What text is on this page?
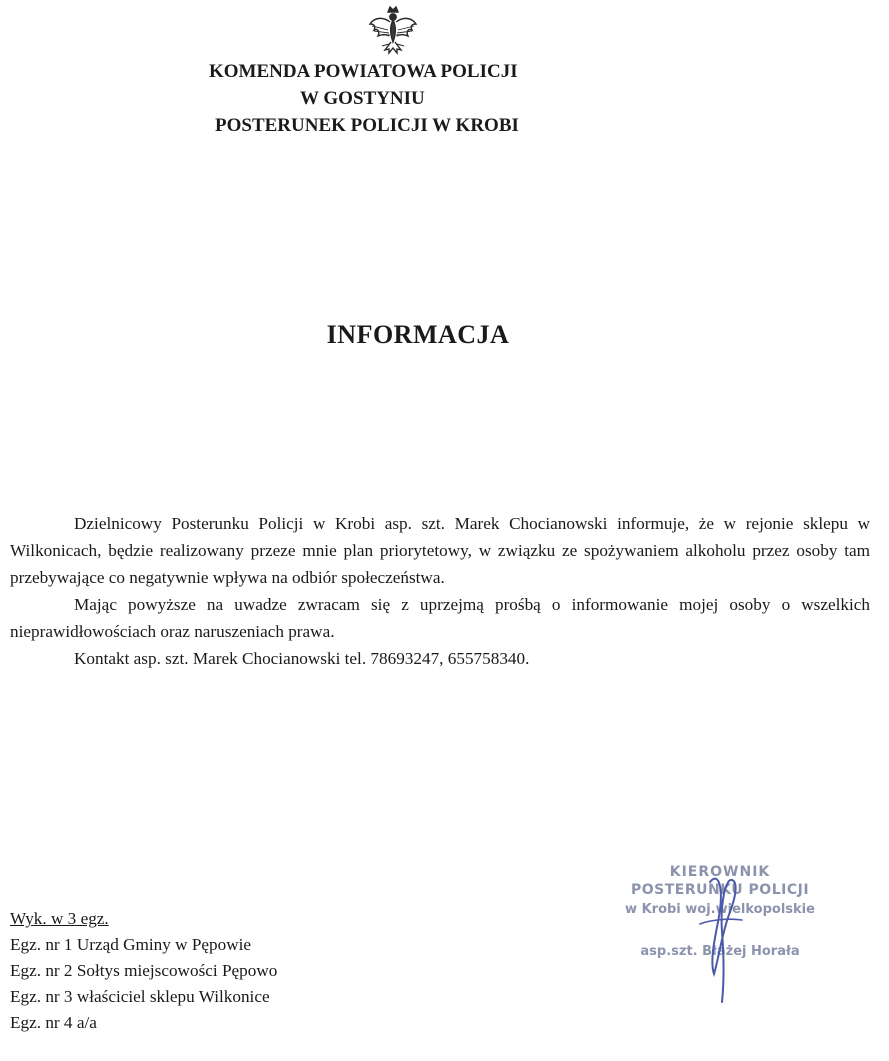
KOMENDA POWIATOWA POLICJI
W GOSTYNIU
POSTERUNEK POLICJI W KROBI
INFORMACJA

Dzielnicowy Posterunku Policji w Krobi asp. szt. Marek Chocianowski informuje, że w rejonie sklepu w Wilkonicach, będzie realizowany przeze mnie plan priorytetowy, w związku ze spożywaniem alkoholu przez osoby tam przebywające co negatywnie wpływa na odbiór społeczeństwa.

Mając powyższe na uwadze zwracam się z uprzejmą prośbą o informowanie mojej osoby o wszelkich nieprawidłowościach oraz naruszeniach prawa.

Kontakt asp. szt. Marek Chocianowski tel. 78693247, 655758340.

Wyk. w 3 egz.
Egz. nr 1 Urząd Gminy w Pępowie
Egz. nr 2 Sołtys miejscowości Pępowo
Egz. nr 3 właściciel sklepu Wilkonice
Egz. nr 4 a/a
KIEROWNIK
POSTERUNKU POLICJI
w Krobi woj.wielkopolskie
asp.szt. Błażej Horała
